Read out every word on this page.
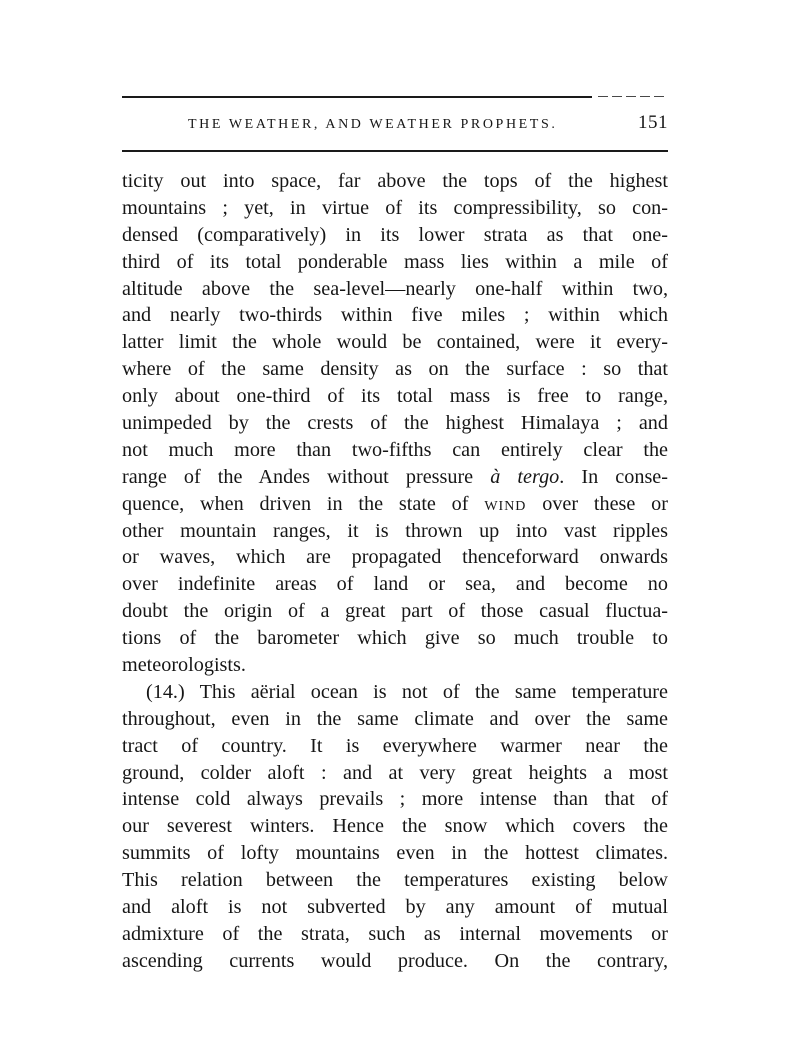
THE WEATHER, AND WEATHER PROPHETS.	151
ticity out into space, far above the tops of the highest
mountains ; yet, in virtue of its compressibility, so con-
densed (comparatively) in its lower strata as that one-
third of its total ponderable mass lies within a mile of
altitude above the sea-level—nearly one-half within two,
and nearly two-thirds within five miles ; within which
latter limit the whole would be contained, were it every-
where of the same density as on the surface : so that
only about one-third of its total mass is free to range,
unimpeded by the crests of the highest Himalaya ; and
not much more than two-fifths can entirely clear the
range of the Andes without pressure à tergo. In conse-
quence, when driven in the state of wind over these or
other mountain ranges, it is thrown up into vast ripples
or waves, which are propagated thenceforward onwards
over indefinite areas of land or sea, and become no
doubt the origin of a great part of those casual fluctua-
tions of the barometer which give so much trouble to
meteorologists.
(14.) This aërial ocean is not of the same temperature
throughout, even in the same climate and over the same
tract of country. It is everywhere warmer near the
ground, colder aloft : and at very great heights a most
intense cold always prevails ; more intense than that of
our severest winters. Hence the snow which covers the
summits of lofty mountains even in the hottest climates.
This relation between the temperatures existing below
and aloft is not subverted by any amount of mutual
admixture of the strata, such as internal movements or
ascending currents would produce. On the contrary,
